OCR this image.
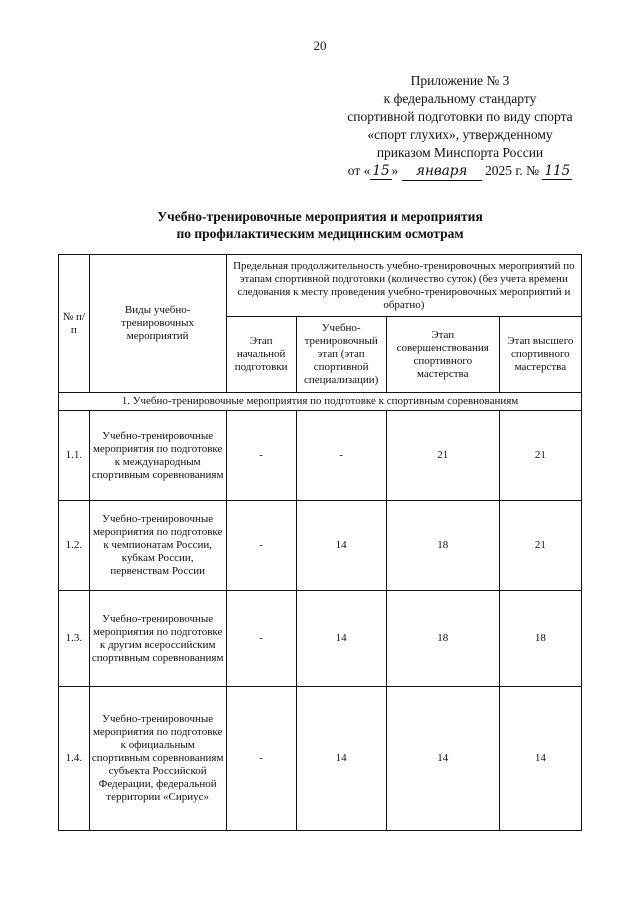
20
Приложение № 3
к федеральному стандарту
спортивной подготовки по виду спорта
«спорт глухих», утвержденному
приказом Минспорта России
от « 15 » января 2025 г. № 115
Учебно-тренировочные мероприятия и мероприятия
по профилактическим медицинским осмотрам
№ п/п	Виды учебно-тренировочных мероприятий	Предельная продолжительность учебно-тренировочных мероприятий по этапам спортивной подготовки (количество суток) (без учета времени следования к месту проведения учебно-тренировочных мероприятий и обратно)			
		Этап начальной подготовки	Учебно-тренировочный этап (этап спортивной специализации)	Этап совершенствования спортивного мастерства	Этап высшего спортивного мастерства
1. Учебно-тренировочные мероприятия по подготовке к спортивным соревнованиям					
1.1.	Учебно-тренировочные мероприятия по подготовке к международным спортивным соревнованиям	-	-	21	21
1.2.	Учебно-тренировочные мероприятия по подготовке к чемпионатам России, кубкам России, первенствам России	-	14	18	21
1.3.	Учебно-тренировочные мероприятия по подготовке к другим всероссийским спортивным соревнованиям	-	14	18	18
1.4.	Учебно-тренировочные мероприятия по подготовке к официальным спортивным соревнованиям субъекта Российской Федерации, федеральной территории «Сириус»	-	14	14	14
